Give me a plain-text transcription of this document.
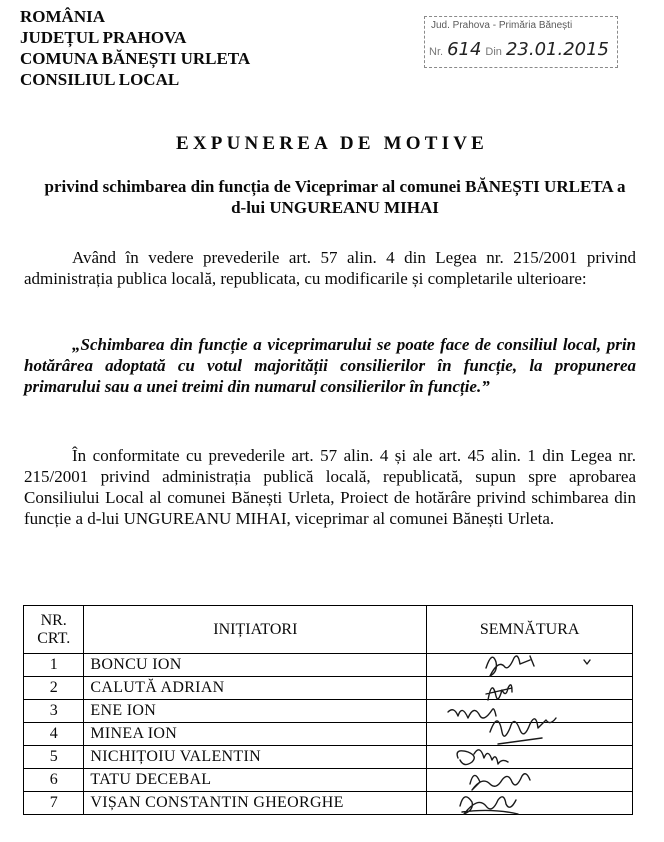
ROMÂNIA
JUDEȚUL PRAHOVA
COMUNA BĂNEȘTI URLETA
CONSILIUL LOCAL
Jud. Prahova - Primăria Bănești
Nr. 614 Din 23.01.2015
EXPUNEREA DE MOTIVE
privind schimbarea din funcția de Viceprimar al comunei BĂNEȘTI URLETA a d-lui UNGUREANU MIHAI
Având în vedere prevederile art. 57 alin. 4 din Legea nr. 215/2001 privind administrația publica locală, republicata, cu modificarile și completarile ulterioare:
„Schimbarea din funcție a viceprimarului se poate face de consiliul local, prin hotărârea adoptată cu votul majorității consilierilor în funcție, la propunerea primarului sau a unei treimi din numarul consilierilor în funcție.”
În conformitate cu prevederile art. 57 alin. 4 și ale art. 45 alin. 1 din Legea nr. 215/2001 privind administrația publică locală, republicată, supun spre aprobarea Consiliului Local al comunei Bănești Urleta, Proiect de hotărâre privind schimbarea din funcție a d-lui UNGUREANU MIHAI, viceprimar al comunei Bănești Urleta.
NR.
CRT.	INIȚIATORI	SEMNĂTURA
1	BONCU ION	
2	CALUTĂ ADRIAN	
3	ENE ION	
4	MINEA ION	
5	NICHIȚOIU VALENTIN	
6	TATU DECEBAL	
7	VIȘAN CONSTANTIN GHEORGHE	
